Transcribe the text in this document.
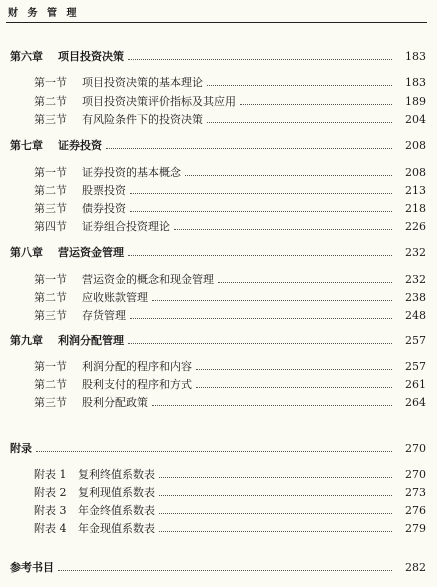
财 务 管 理
第六章	项目投资决策	183
第一节	项目投资决策的基本理论	183
第二节	项目投资决策评价指标及其应用	189
第三节	有风险条件下的投资决策	204
第七章	证券投资	208
第一节	证券投资的基本概念	208
第二节	股票投资	213
第三节	债券投资	218
第四节	证券组合投资理论	226
第八章	营运资金管理	232
第一节	营运资金的概念和现金管理	232
第二节	应收账款管理	238
第三节	存货管理	248
第九章	利润分配管理	257
第一节	利润分配的程序和内容	257
第二节	股利支付的程序和方式	261
第三节	股利分配政策	264
附录	270
附表 1	复利终值系数表	270
附表 2	复利现值系数表	273
附表 3	年金终值系数表	276
附表 4	年金现值系数表	279
参考书目	282
